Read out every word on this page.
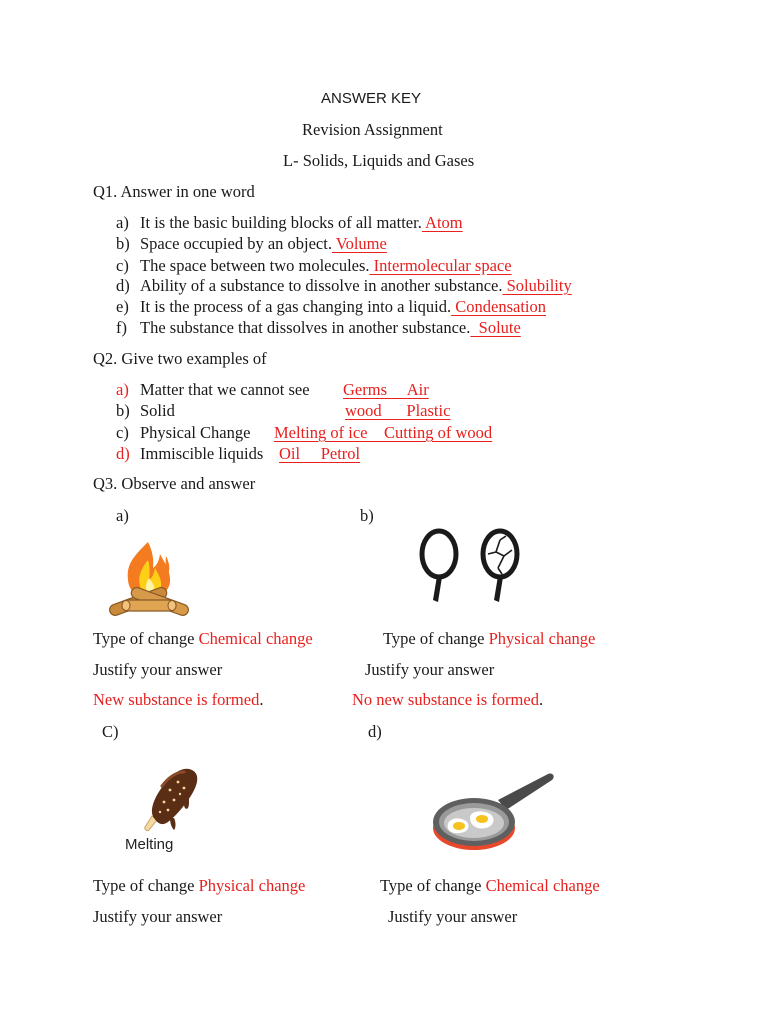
ANSWER KEY
Revision Assignment
L- Solids, Liquids and Gases
Q1. Answer in one word
a) It is the basic building blocks of all matter. Atom
b) Space occupied by an object. Volume
c) The space between two molecules. Intermolecular space
d) Ability of a substance to dissolve in another substance. Solubility
e) It is the process of a gas changing into a liquid. Condensation
f) The substance that dissolves in another substance.  Solute
Q2. Give two examples of
a) Matter that we cannot see Germs     Air
b) Solid	wood      Plastic
c) Physical Change Melting of ice    Cutting of wood
d) Immiscible liquids Oil     Petrol
Q3. Observe and answer
a)	b)
Type of change Chemical change	Type of change Physical change
Justify your answer	Justify your answer
New substance is formed.	No new substance is formed.
C)	d)
Melting
Type of change Physical change	Type of change Chemical change
Justify your answer	Justify your answer
